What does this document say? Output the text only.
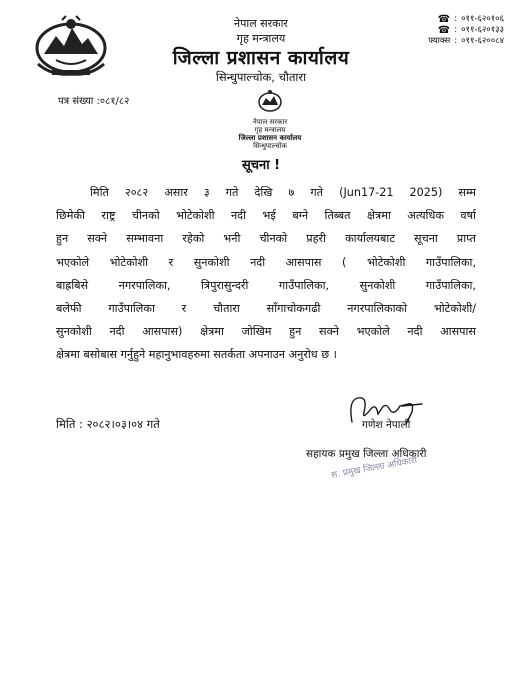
नेपाल सरकार
गृह मन्त्रालय
जिल्ला प्रशासन कार्यालय
सिन्धुपाल्चोक, चौतारा
☎ : ०११-६२०१०६
☎ : ०११-६२०१३३
फ्याक्स : ०११-६२००८४
पत्र संख्या :०८१/८२
नेपाल सरकार
गृह मन्त्रालय
जिल्ला प्रशासन कार्यालय
सिन्धुपाल्चोक
सूचना !
मिति २०८२ असार ३ गते देखि ७ गते (Jun17-21 2025) सम्म
छिमेकी राष्ट्र चीनको भोटेकोशी नदी भई बग्ने तिब्बत क्षेत्रमा अत्यधिक वर्षा
हुन सक्ने सम्भावना रहेको भनी चीनको प्रहरी कार्यालयबाट सूचना प्राप्त
भएकोले भोटेकोशी र सुनकोशी नदी आसपास ( भोटेकोशी गाउँपालिका,
बाह्रबिसे नगरपालिका, त्रिपुरासुन्दरी गाउँपालिका, सुनकोशी गाउँपालिका,
बलेफी गाउँपालिका र चौतारा साँगाचोकगढी नगरपालिकाको भोटेकोशी/
सुनकोशी नदी आसपास) क्षेत्रमा जोखिम हुन सक्ने भएकोले नदी आसपास
क्षेत्रमा बसोबास गर्नुहुने महानुभावहरुमा सतर्कता अपनाउन अनुरोध छ ।
मिति : २०८२।०३।०४ गते	गणेश नेपाली
सहायक प्रमुख जिल्ला अधिकारी
स. प्रमुख जिल्ला अधिकारी
